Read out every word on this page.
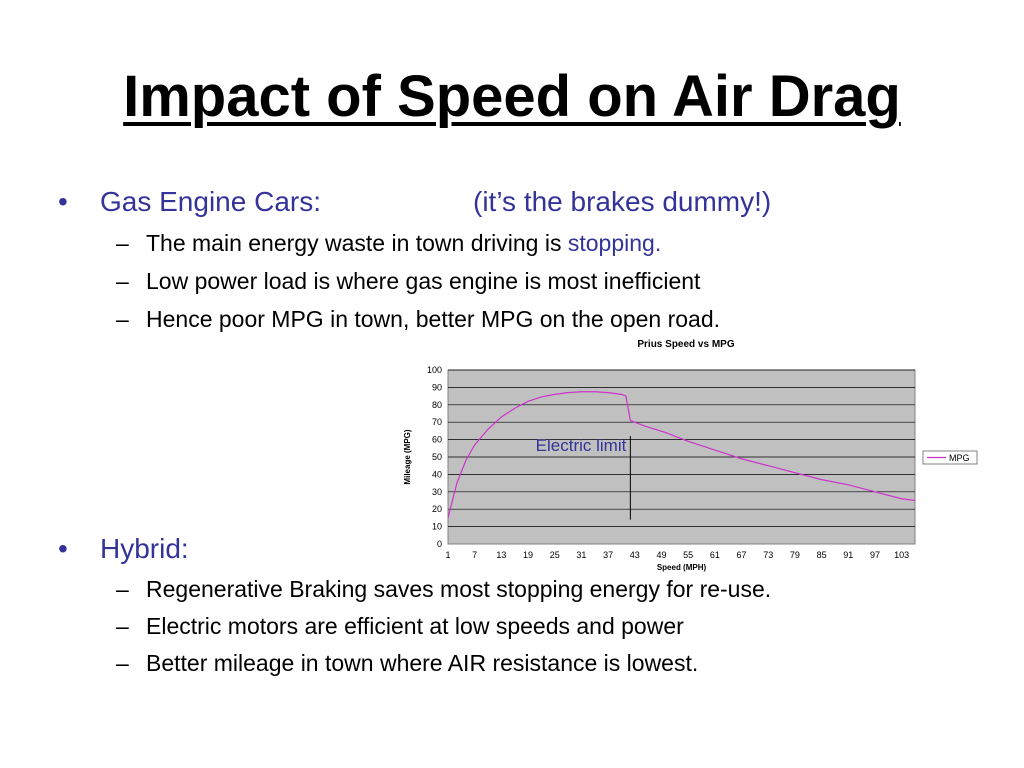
Impact of Speed on Air Drag
• Gas Engine Cars:	(it’s the brakes dummy!)
– The main energy waste in town driving is stopping.
– Low power load is where gas engine is most inefficient
– Hence poor MPG in town, better MPG on the open road.
Prius Speed vs MPG
0
10
20
30
40
50
60
70
80
90
100
1 7 13 19 25 31 37 43 49 55 61 67 73 79 85 91 97 103
Speed (MPH)
Mileage (MPG)	Electric limit
MPG
• Hybrid:
– Regenerative Braking saves most stopping energy for re-use.
– Electric motors are efficient at low speeds and power
– Better mileage in town where AIR resistance is lowest.
